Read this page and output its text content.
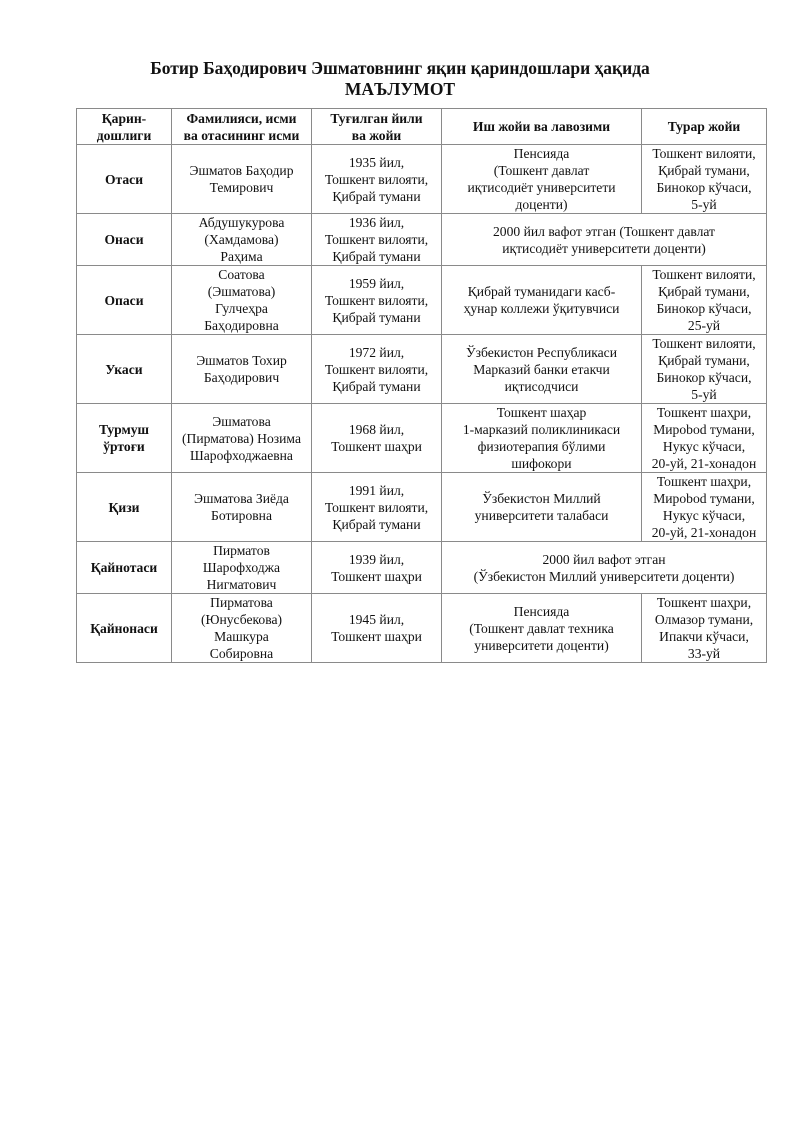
Ботир Баҳодирович Эшматовнинг яқин қариндошлари ҳақида
МАЪЛУМОТ
Қарин-
дошлиги	Фамилияси, исми
ва отасининг исми	Туғилган йили
ва жойи	Иш жойи ва лавозими	Турар жойи

Отаси	Эшматов Баҳодир
Темирович	1935 йил,
Тошкент вилояти,
Қибрай тумани	Пенсияда
(Тошкент давлат
иқтисодиёт университети
доценти)	Тошкент вилояти,
Қибрай тумани,
Бинокор кўчаси,
5-уй

Онаси	Абдушукурова
(Хамдамова)
Раҳима	1936 йил,
Тошкент вилояти,
Қибрай тумани	2000 йил вафот этган (Тошкент давлат
иқтисодиёт университети доценти)	

Опаси	Соатова
(Эшматова)
Гулчеҳра
Баҳодировна	1959 йил,
Тошкент вилояти,
Қибрай тумани	Қибрай туманидаги касб-
ҳунар коллежи ўқитувчиси	Тошкент вилояти,
Қибрай тумани,
Бинокор кўчаси,
25-уй

Укаси	Эшматов Тохир
Баҳодирович	1972 йил,
Тошкент вилояти,
Қибрай тумани	Ўзбекистон Республикаси
Марказий банки етакчи
иқтисодчиси	Тошкент вилояти,
Қибрай тумани,
Бинокор кўчаси,
5-уй

Турмуш
ўртоғи	Эшматова
(Пирматова) Нозима
Шарофходжаевна	1968 йил,
Тошкент шаҳри	Тошкент шаҳар
1-марказий поликлиникаси
физиотерапия бўлими
шифокори	Тошкент шаҳри,
Мирobod тумани,
Нукус кўчаси,
20-уй, 21-хонадон

Қизи	Эшматова Зиёда
Ботировна	1991 йил,
Тошкент вилояти,
Қибрай тумани	Ўзбекистон Миллий
университети талабаси	Тошкент шаҳри,
Мирobod тумани,
Нукус кўчаси,
20-уй, 21-хонадон

Қайнотаси	Пирматов
Шарофходжа
Нигматович	1939 йил,
Тошкент шаҳри	2000 йил вафот этган
(Ўзбекистон Миллий университети доценти)	

Қайнонаси	Пирматова
(Юнусбекова)
Машкура
Собировна	1945 йил,
Тошкент шаҳри	Пенсияда
(Тошкент давлат техника
университети доценти)	Тошкент шаҳри,
Олмазор тумани,
Ипакчи кўчаси,
33-уй
